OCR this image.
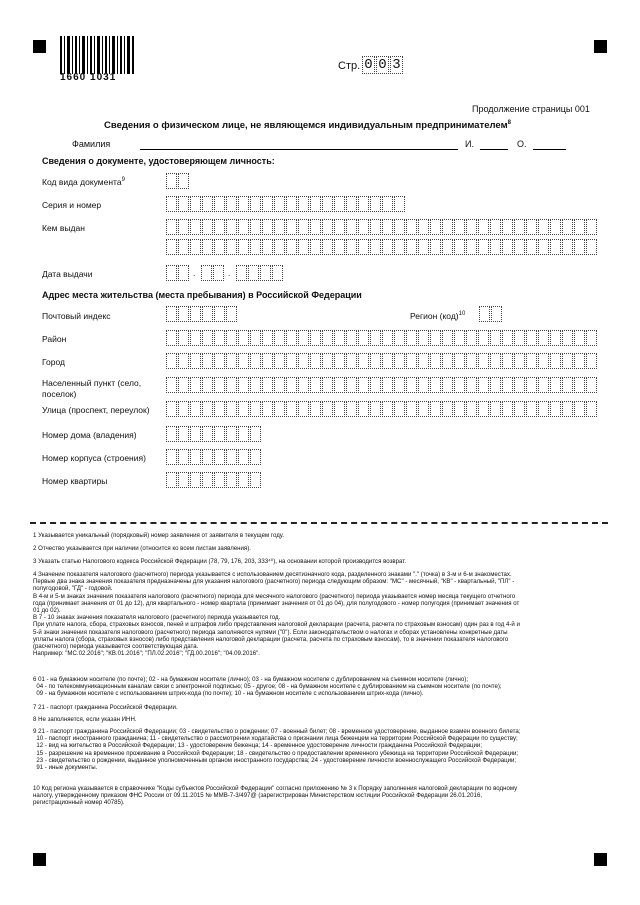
1660 1031
Стр. 0 0 3
Продолжение страницы 001
Сведения о физическом лице, не являющемся индивидуальным предпринимателем$^8$
Фамилия	И.	О.
Сведения о документе, удостоверяющем личность:
Код вида документа$^9$
Серия и номер
Кем выдан
Дата выдачи	.	.
Адрес места жительства (места пребывания) в Российской Федерации
Почтовый индекс	Регион (код)$^{10}$
Район
Город
Населенный пункт (село, поселок)
Улица (проспект, переулок)
Номер дома (владения)
Номер корпуса (строения)
Номер квартиры
1 Указывается уникальный (порядковый) номер заявления от заявителя в текущем году.
2 Отчество указывается при наличии (относится ко всем листам заявления).
3 Указать статью Налогового кодекса Российской Федерации (78, 79, 176, 203, 333⁴⁰), на основании которой производится возврат.
4 Значение показателя налогового (расчетного) периода указывается с использованием десятизначного кода, разделенного знаками "." (точка) в 3-м и 6-м знакоместах.
Первые два знака значения показателя предназначены для указания налогового (расчетного) периода следующим образом: "МС" - месячный, "КВ" - квартальный, "ПЛ" -
полугодовой, "ГД" - годовой.
В 4-м и 5-м знаках значения показателя налогового (расчетного) периода для месячного налогового (расчетного) периода указывается номер месяца текущего отчетного
года (принимает значения от 01 до 12), для квартального - номер квартала (принимает значения от 01 до 04), для полугодового - номер полугодия (принимает значения от
01 до 02).
В 7 - 10 знаках значения показателя налогового (расчетного) периода указывается год.
При уплате налога, сбора, страховых взносов, пеней и штрафов либо представления налоговой декларации (расчета, расчета по страховым взносам) один раз в год 4-й и
5-й знаки значения показателя налогового (расчетного) периода заполняются нулями ("0"). Если законодательством о налогах и сборах установлены конкретные даты
уплаты налога (сбора, страховых взносов) либо представления налоговой декларации (расчета, расчета по страховым взносам), то в значении показателя налогового
(расчетного) периода указывается соответствующая дата.
Например: "МС.02.2016"; "КВ.01.2016"; "ПЛ.02.2016"; "ГД.00.2016"; "04.09.2016".
6 01 - на бумажном носителе (по почте); 02 - на бумажном носителе (лично); 03 - на бумажном носителе с дублированием на съемном носителе (лично);
04 - по телекоммуникационным каналам связи с электронной подписью; 05 - другое; 08 - на бумажном носителе с дублированием на съемном носителе (по почте);
09 - на бумажном носителе с использованием штрих-кода (по почте); 10 - на бумажном носителе с использованием штрих-кода (лично).
7 21 - паспорт гражданина Российской Федерации.
8 Не заполняется, если указан ИНН.
9 21 - паспорт гражданина Российской Федерации; 03 - свидетельство о рождении; 07 - военный билет; 08 - временное удостоверение, выданное взамен военного билета;
10 - паспорт иностранного гражданина; 11 - свидетельство о рассмотрении ходатайства о признании лица беженцем на территории Российской Федерации по существу;
12 - вид на жительство в Российской Федерации; 13 - удостоверение беженца; 14 - временное удостоверение личности гражданина Российской Федерации;
15 - разрешение на временное проживание в Российской Федерации; 18 - свидетельство о предоставлении временного убежища на территории Российской Федерации;
23 - свидетельство о рождении, выданное уполномоченным органом иностранного государства; 24 - удостоверение личности военнослужащего Российской Федерации;
91 - иные документы.
10 Код региона указывается в справочнике "Коды субъектов Российской Федерации" согласно приложению № 3 к Порядку заполнения налоговой декларации по водному
налогу, утвержденному приказом ФНС России от 09.11.2015 № ММВ-7-3/497@ (зарегистрирован Министерством юстиции Российской Федерации 26.01.2016,
регистрационный номер 40785).
